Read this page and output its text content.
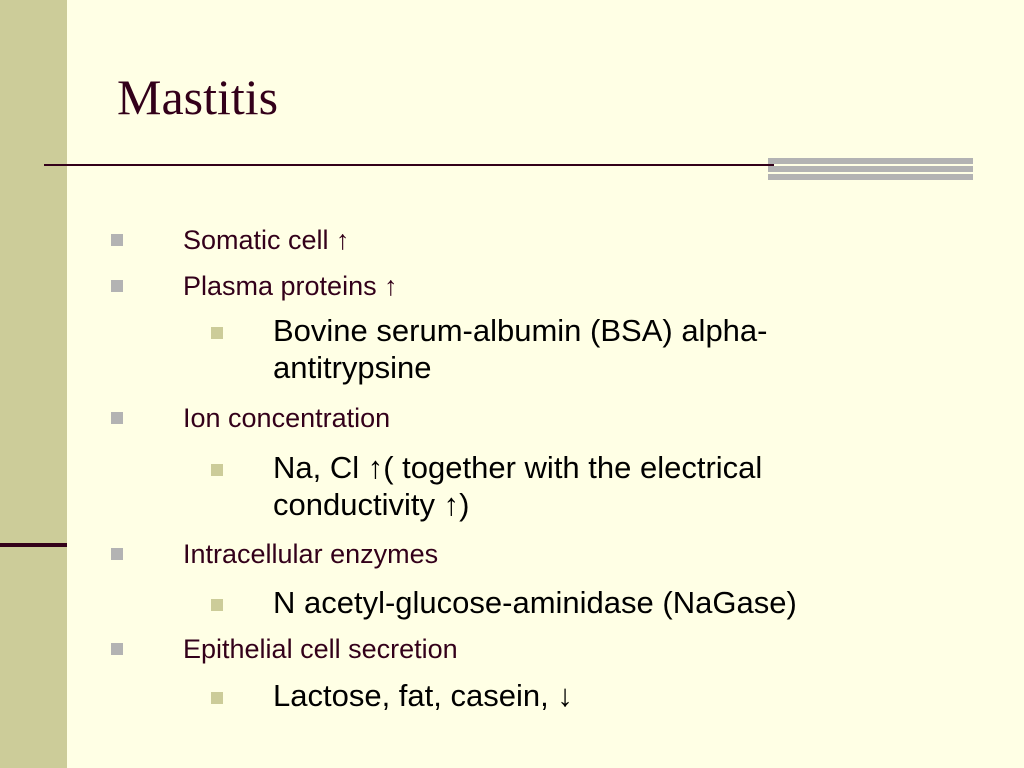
Mastitis
Somatic cell ↑
Plasma proteins ↑
Bovine serum-albumin (BSA) alpha-antitrypsine
Ion concentration
Na, Cl ↑( together with the electrical conductivity ↑)
Intracellular enzymes
N acetyl-glucose-aminidase (NaGase)
Epithelial cell secretion
Lactose, fat, casein, ↓
